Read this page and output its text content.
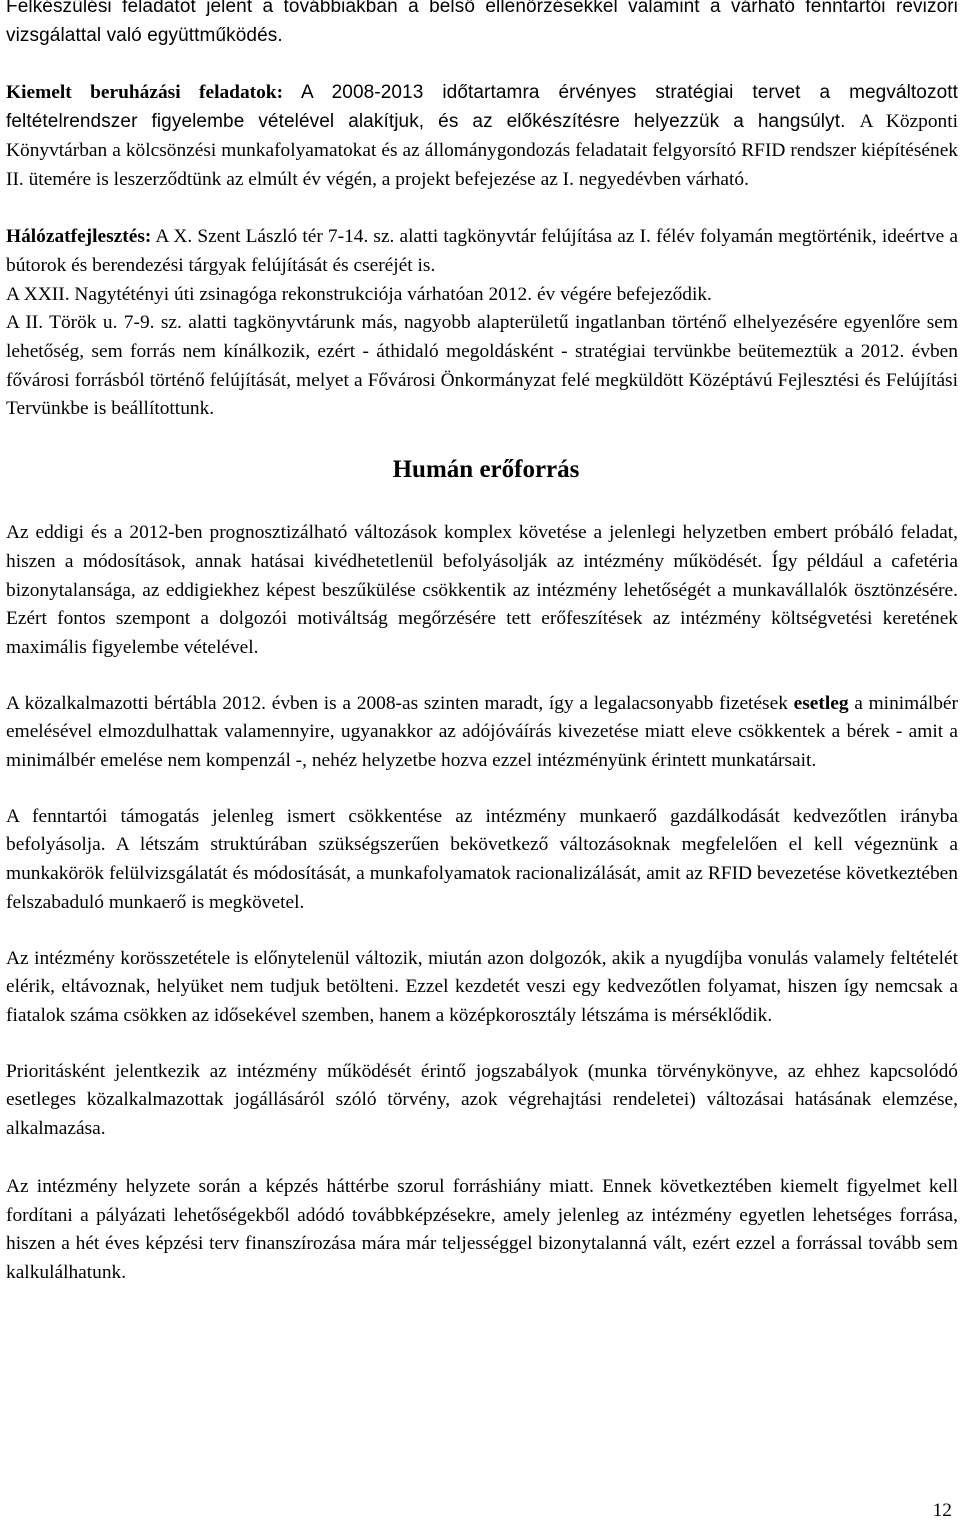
Felkészülési feladatot jelent a továbbiakban a belső ellenőrzésekkel valamint a várható fenntartói revizori vizsgálattal való együttműködés.

Kiemelt beruházási feladatok: A 2008-2013 időtartamra érvényes stratégiai tervet a megváltozott feltételrendszer figyelembe vételével alakítjuk, és az előkészítésre helyezzük a hangsúlyt. A Központi Könyvtárban a kölcsönzési munkafolyamatokat és az állománygondozás feladatait felgyorsító RFID rendszer kiépítésének II. ütemére is leszerződtünk az elmúlt év végén, a projekt befejezése az I. negyedévben várható.

Hálózatfejlesztés: A X. Szent László tér 7-14. sz. alatti tagkönyvtár felújítása az I. félév folyamán megtörténik, ideértve a bútorok és berendezési tárgyak felújítását és cseréjét is.

A XXII. Nagytétényi úti zsinagóga rekonstrukciója várhatóan 2012. év végére befejeződik.

A II. Török u. 7-9. sz. alatti tagkönyvtárunk más, nagyobb alapterületű ingatlanban történő elhelyezésére egyenlőre sem lehetőség, sem forrás nem kínálkozik, ezért - áthidaló megoldásként - stratégiai tervünkbe beütemeztük a 2012. évben fővárosi forrásból történő felújítását, melyet a Fővárosi Önkormányzat felé megküldött Középtávú Fejlesztési és Felújítási Tervünkbe is beállítottunk.

Humán erőforrás

Az eddigi és a 2012-ben prognosztizálható változások komplex követése a jelenlegi helyzetben embert próbáló feladat, hiszen a módosítások, annak hatásai kivédhetetlenül befolyásolják az intézmény működését. Így például a cafetéria bizonytalansága, az eddigiekhez képest beszűkülése csökkentik az intézmény lehetőségét a munkavállalók ösztönzésére. Ezért fontos szempont a dolgozói motiváltság megőrzésére tett erőfeszítések az intézmény költségvetési keretének maximális figyelembe vételével.

A közalkalmazotti bértábla 2012. évben is a 2008-as szinten maradt, így a legalacsonyabb fizetések esetleg a minimálbér emelésével elmozdulhattak valamennyire, ugyanakkor az adójóváírás kivezetése miatt eleve csökkentek a bérek - amit a minimálbér emelése nem kompenzál -, nehéz helyzetbe hozva ezzel intézményünk érintett munkatársait.

A fenntartói támogatás jelenleg ismert csökkentése az intézmény munkaerő gazdálkodását kedvezőtlen irányba befolyásolja. A létszám struktúrában szükségszerűen bekövetkező változásoknak megfelelően el kell végeznünk a munkakörök felülvizsgálatát és módosítását, a munkafolyamatok racionalizálását, amit az RFID bevezetése következtében felszabaduló munkaerő is megkövetel.

Az intézmény korösszetétele is előnytelenül változik, miután azon dolgozók, akik a nyugdíjba vonulás valamely feltételét elérik, eltávoznak, helyüket nem tudjuk betölteni. Ezzel kezdetét veszi egy kedvezőtlen folyamat, hiszen így nemcsak a fiatalok száma csökken az idősekével szemben, hanem a középkorosztály létszáma is mérséklődik.

Prioritásként jelentkezik az intézmény működését érintő jogszabályok (munka törvénykönyve, az ehhez kapcsolódó esetleges közalkalmazottak jogállásáról szóló törvény, azok végrehajtási rendeletei) változásai hatásának elemzése, alkalmazása.

Az intézmény helyzete során a képzés háttérbe szorul forráshiány miatt. Ennek következtében kiemelt figyelmet kell fordítani a pályázati lehetőségekből adódó továbbképzésekre, amely jelenleg az intézmény egyetlen lehetséges forrása, hiszen a hét éves képzési terv finanszírozása mára már teljességgel bizonytalanná vált, ezért ezzel a forrással tovább sem kalkulálhatunk.

12
